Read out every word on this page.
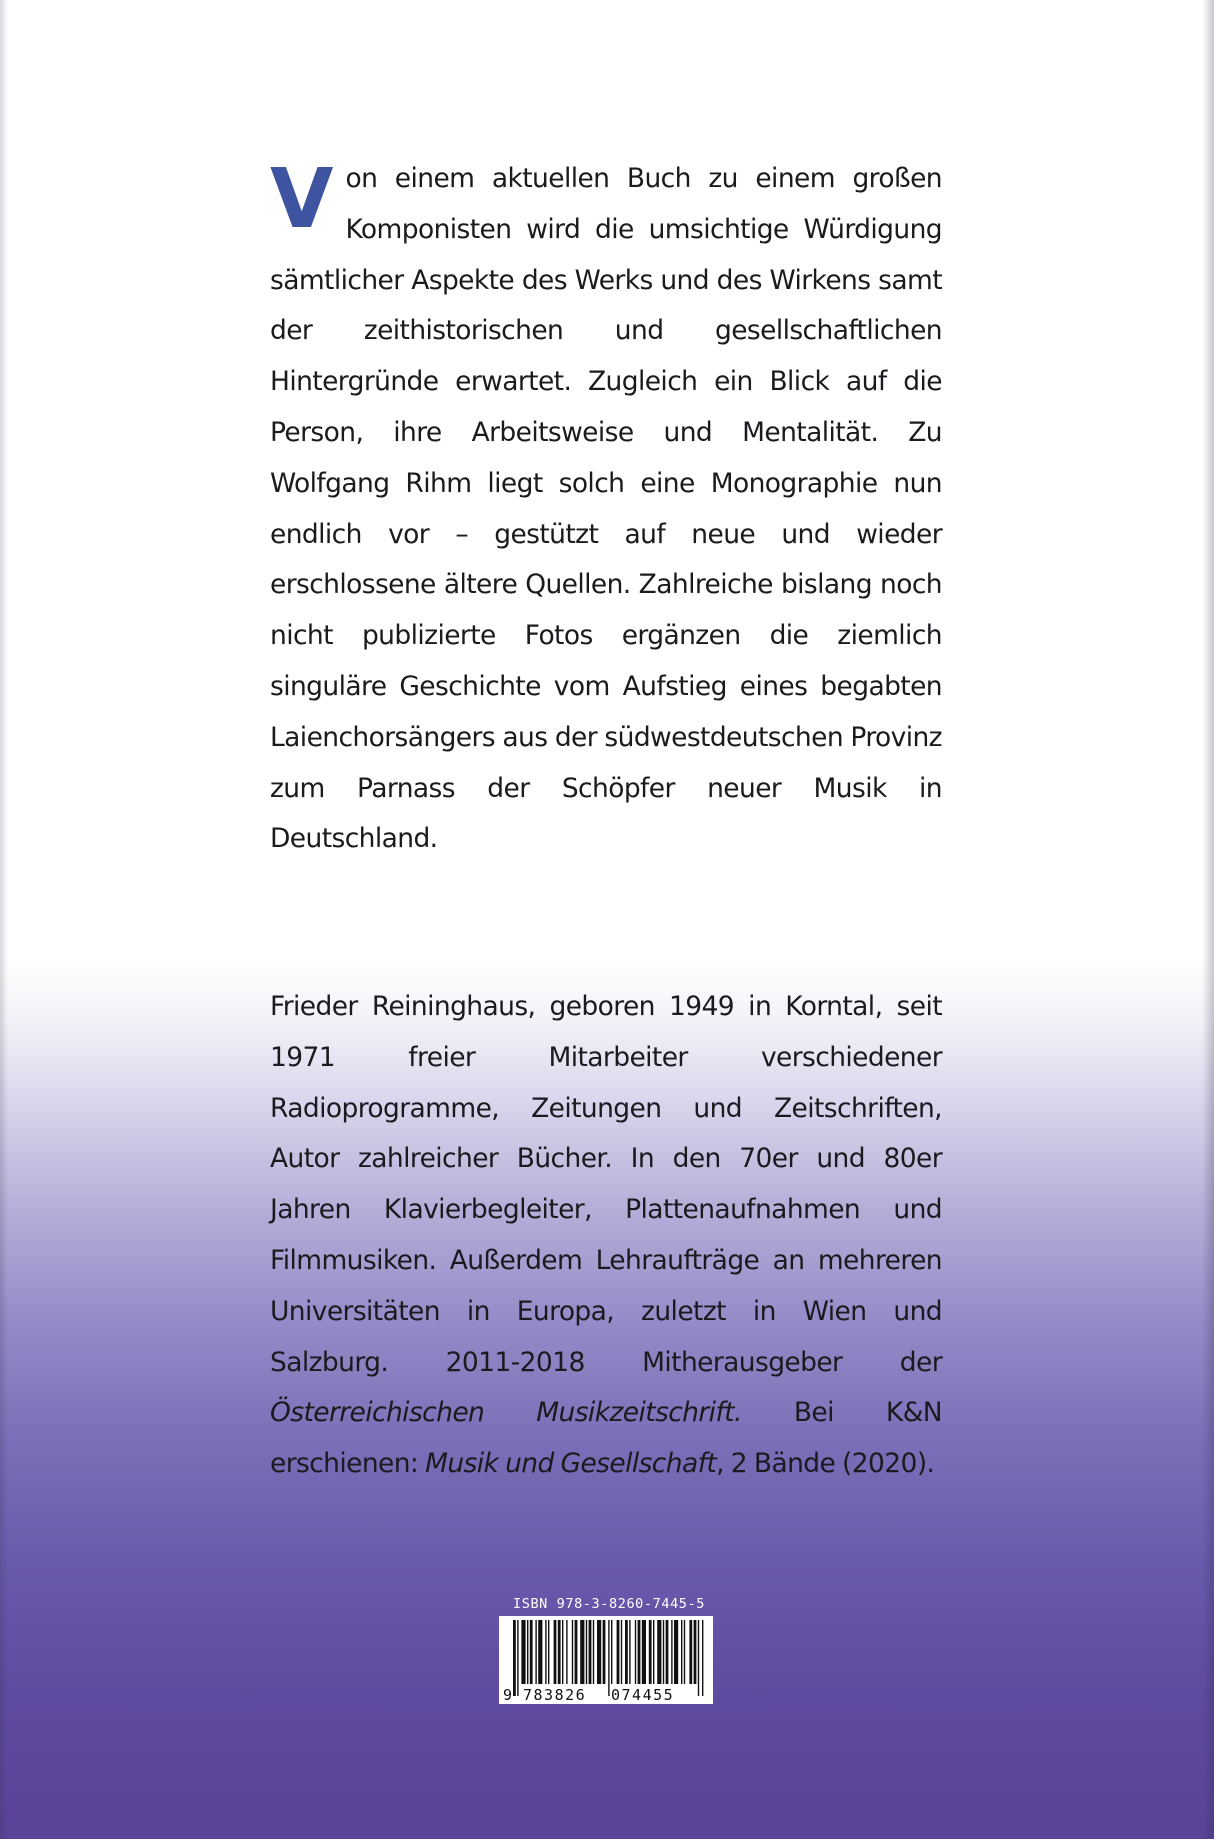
V on einem aktuellen Buch zu einem großen Komponisten wird die umsichtige Würdigung sämtlicher Aspekte des Werks und des Wirkens samt der zeithistorischen und gesellschaftlichen Hintergründe erwartet. Zugleich ein Blick auf die Person, ihre Arbeitsweise und Mentalität. Zu Wolfgang Rihm liegt solch eine Monographie nun endlich vor – gestützt auf neue und wieder erschlossene ältere Quellen. Zahlreiche bislang noch nicht publizierte Fotos ergänzen die ziemlich singuläre Geschichte vom Aufstieg eines begabten Laienchorsängers aus der südwestdeutschen Provinz zum Parnass der Schöpfer neuer Musik in Deutschland.
Frieder Reininghaus, geboren 1949 in Korntal, seit 1971 freier Mitarbeiter verschiedener Radioprogramme, Zeitungen und Zeitschriften, Autor zahlreicher Bücher. In den 70er und 80er Jahren Klavierbegleiter, Plattenaufnahmen und Filmmusiken. Außerdem Lehraufträge an mehreren Universitäten in Europa, zuletzt in Wien und Salzburg. 2011-2018 Mitherausgeber der Österreichischen Musikzeitschrift. Bei K&N erschienen: Musik und Gesellschaft, 2 Bände (2020).
ISBN 978-3-8260-7445-5
9 783826 074455
